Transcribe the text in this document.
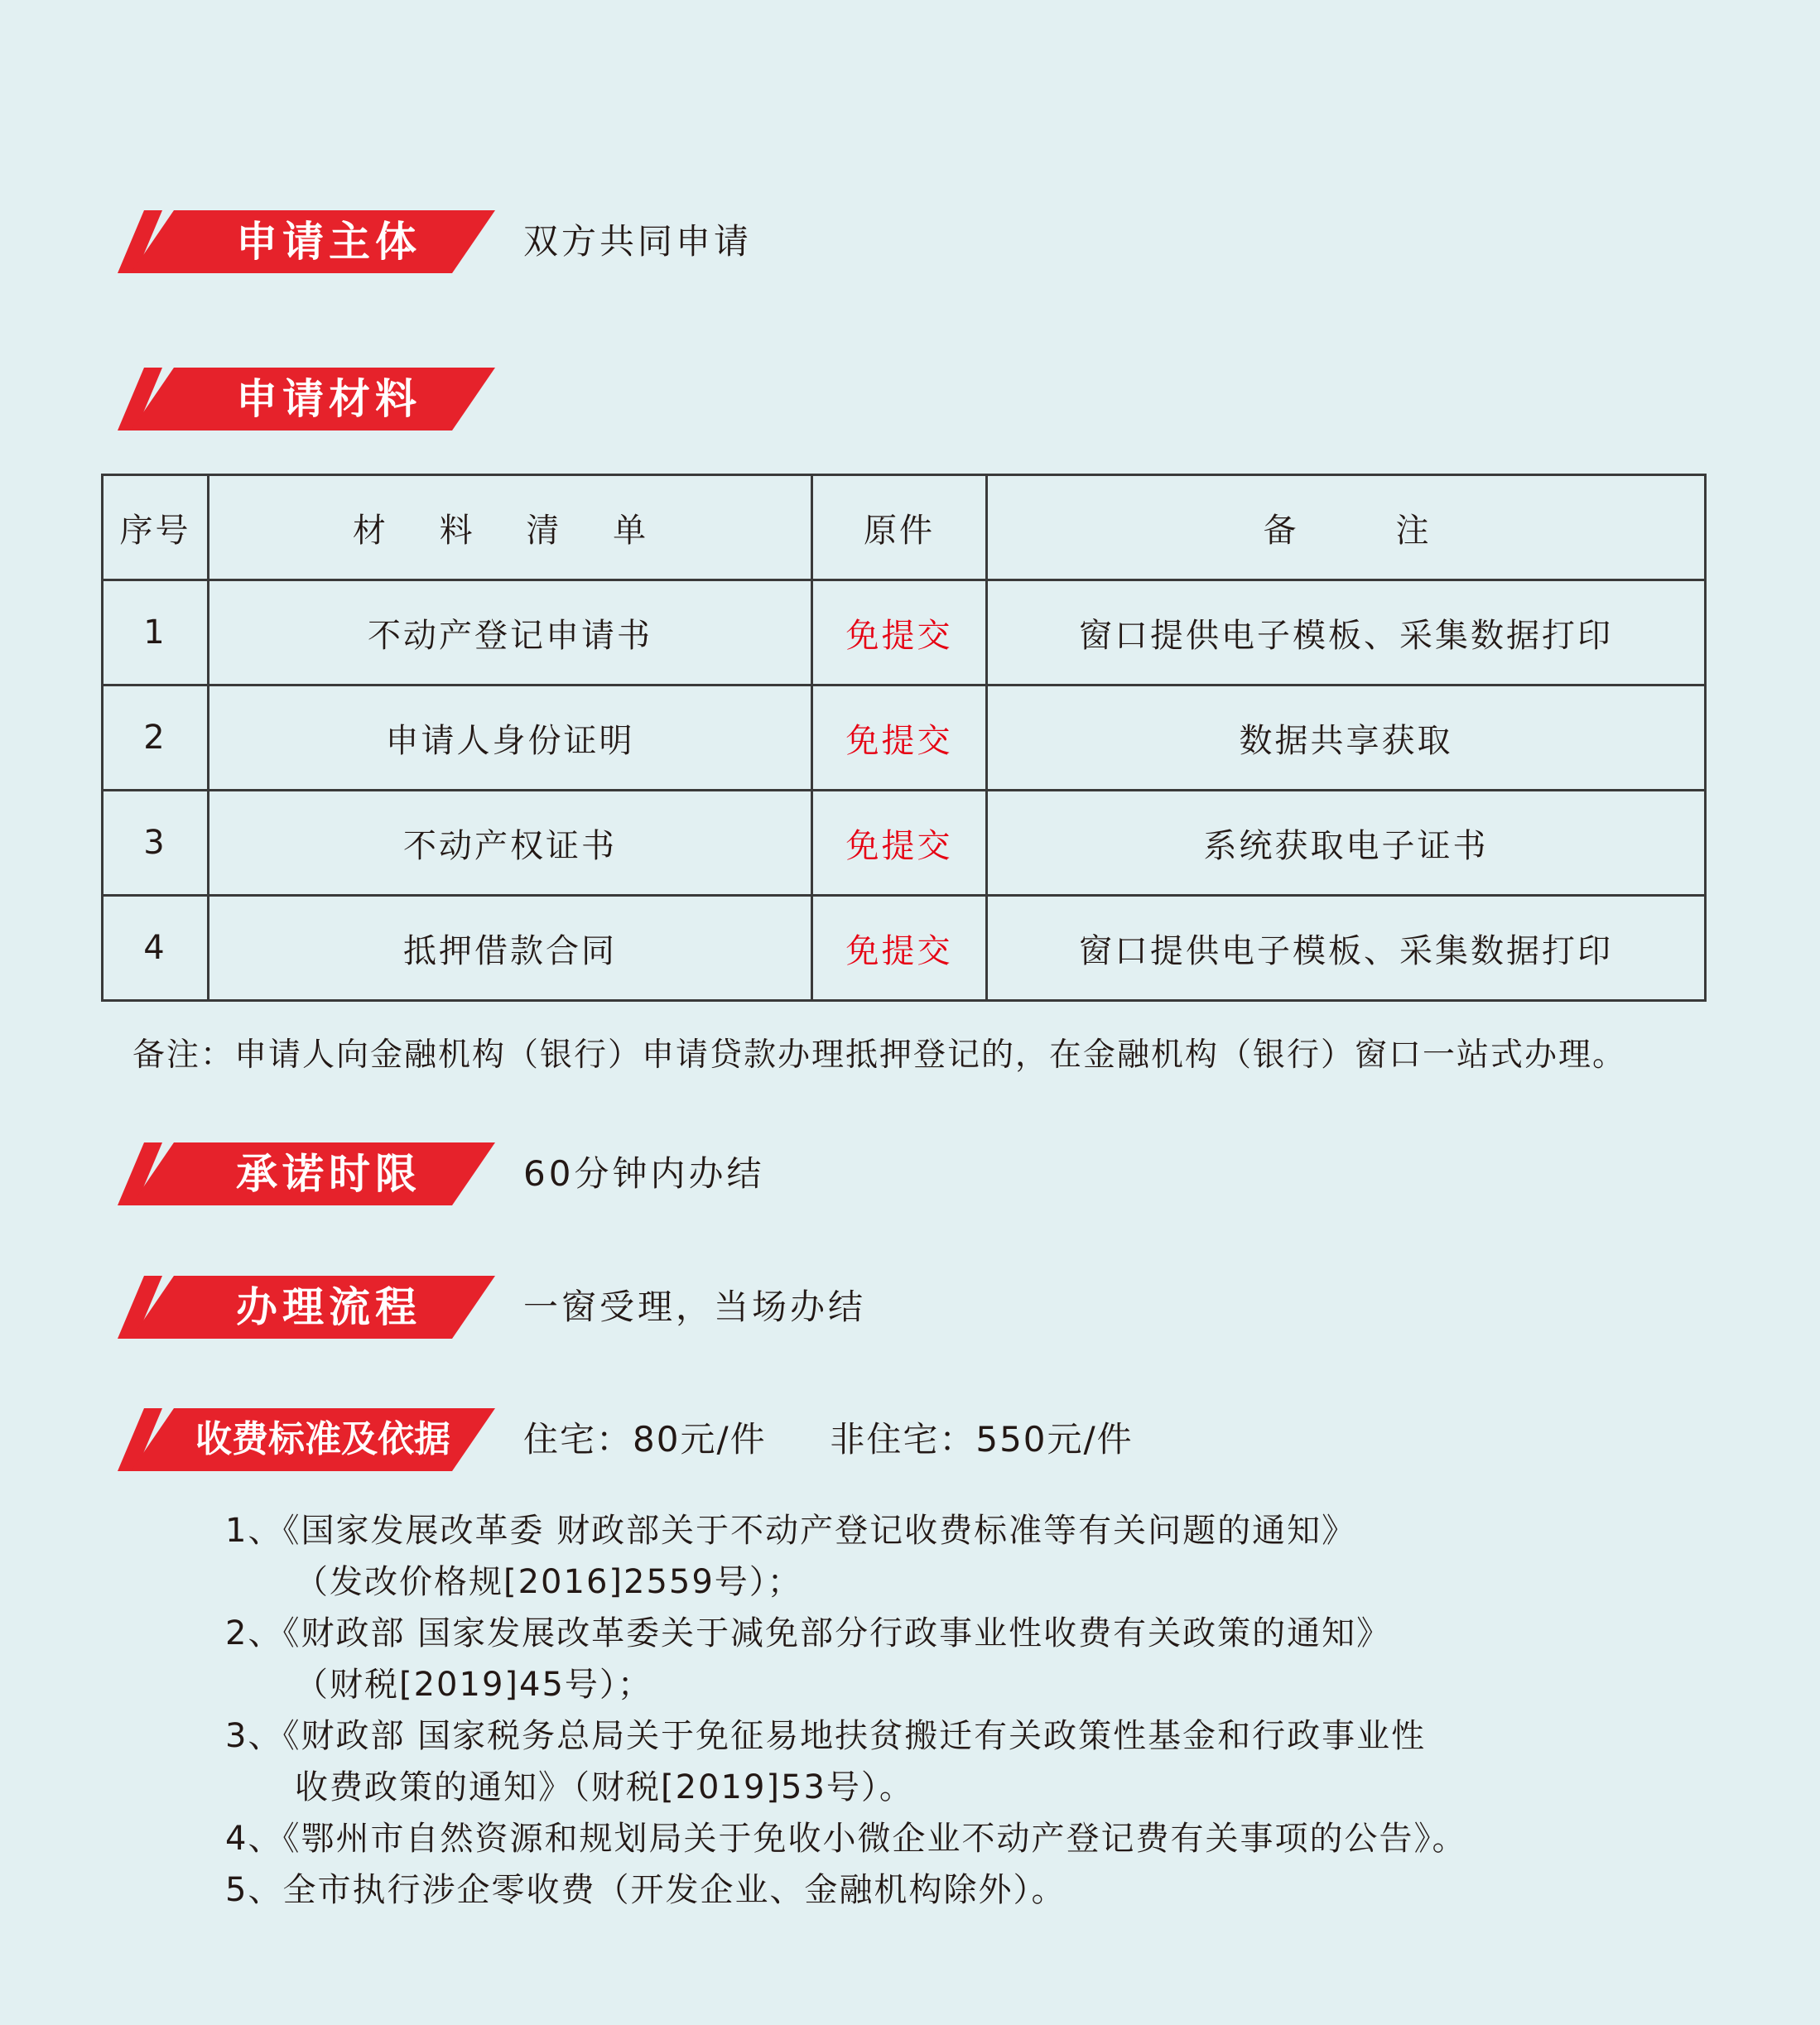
申请主体	双方共同申请
申请材料
序号	材 料 清 单	原件	备　　　注
1	不动产登记申请书	免提交	窗口提供电子模板、采集数据打印
2	申请人身份证明	免提交	数据共享获取
3	不动产权证书	免提交	系统获取电子证书
4	抵押借款合同	免提交	窗口提供电子模板、采集数据打印
备注：申请人向金融机构（银行）申请贷款办理抵押登记的，在金融机构（银行）窗口一站式办理。
承诺时限	60分钟内办结
办理流程	一窗受理，当场办结
收费标准及依据	住宅：80元/件     非住宅：550元/件
1、《国家发展改革委 财政部关于不动产登记收费标准等有关问题的通知》
（发改价格规[2016]2559号）；
2、《财政部 国家发展改革委关于减免部分行政事业性收费有关政策的通知》
（财税[2019]45号）；
3、《财政部 国家税务总局关于免征易地扶贫搬迁有关政策性基金和行政事业性
收费政策的通知》（财税[2019]53号）。
4、《鄂州市自然资源和规划局关于免收小微企业不动产登记费有关事项的公告》。
5、全市执行涉企零收费（开发企业、金融机构除外）。
